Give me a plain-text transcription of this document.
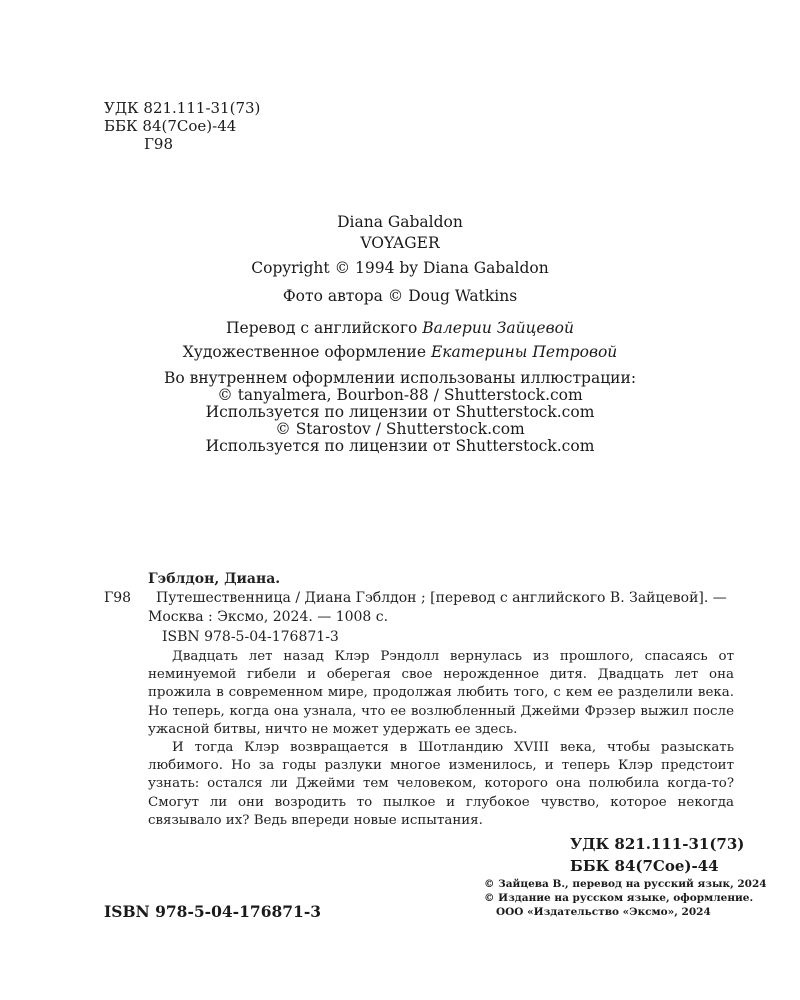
УДК 821.111-31(73)
ББК 84(7Сое)-44
Г98
Diana Gabaldon
VOYAGER
Copyright © 1994 by Diana Gabaldon
Фото автора © Doug Watkins
Перевод с английского Валерии Зайцевой
Художественное оформление Екатерины Петровой
Во внутреннем оформлении использованы иллюстрации:
© tanyalmera, Bourbon-88 / Shutterstock.com
Используется по лицензии от Shutterstock.com
© Starostov / Shutterstock.com
Используется по лицензии от Shutterstock.com
Г98
Гэблдон, Диана.
Путешественница / Диана Гэблдон ; [перевод с английского В. Зайцевой]. — Москва : Эксмо, 2024. — 1008 с.
ISBN 978-5-04-176871-3

Двадцать лет назад Клэр Рэндолл вернулась из прошлого, спасаясь от неминуемой гибели и оберегая свое нерожденное дитя. Двадцать лет она прожила в современном мире, продолжая любить того, с кем ее разделили века. Но теперь, когда она узнала, что ее возлюбленный Джейми Фрэзер выжил после ужасной битвы, ничто не может удержать ее здесь.

И тогда Клэр возвращается в Шотландию XVIII века, чтобы разыскать любимого. Но за годы разлуки многое изменилось, и теперь Клэр предстоит узнать: остался ли Джейми тем человеком, которого она полюбила когда-то? Смогут ли они возродить то пылкое и глубокое чувство, которое некогда связывало их? Ведь впереди новые испытания.

УДК 821.111-31(73)
ББК 84(7Сое)-44
ISBN 978-5-04-176871-3
© Зайцева В., перевод на русский язык, 2024
© Издание на русском языке, оформление.
ООО «Издательство «Эксмо», 2024
